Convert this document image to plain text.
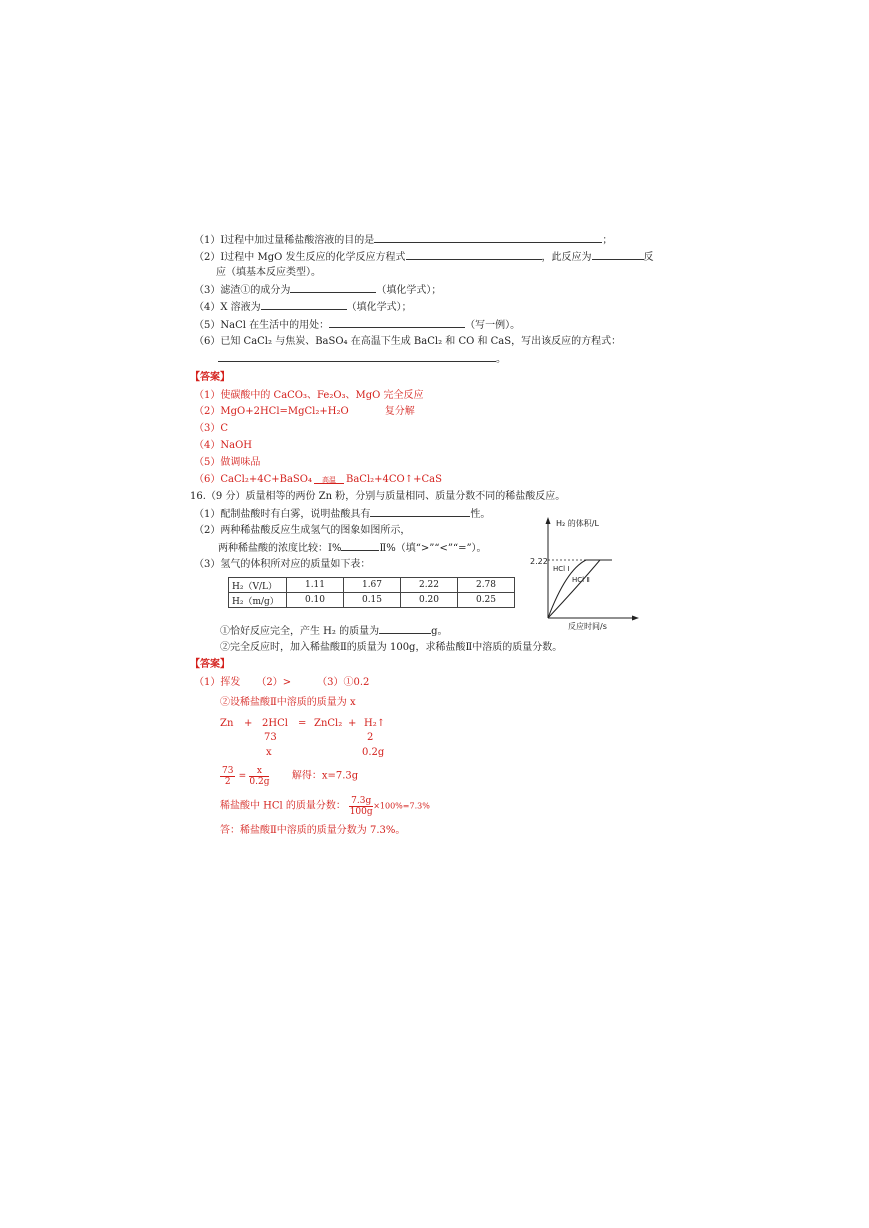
（1）Ⅰ过程中加过量稀盐酸溶液的目的是	；
（2）Ⅰ过程中 MgO 发生反应的化学反应方程式	，此反应为	反
应（填基本反应类型）。
（3）滤渣①的成分为	（填化学式）；
（4）X 溶液为	（填化学式）；
（5）NaCl 在生活中的用处：	（写一例）。
（6）已知 CaCl₂ 与焦炭、BaSO₄ 在高温下生成 BaCl₂ 和 CO 和 CaS，写出该反应的方程式：
。
【答案】
（1）使碳酸中的 CaCO₃、Fe₂O₃、MgO 完全反应
（2）MgO+2HCl=MgCl₂+H₂O	复分解
（3）C
（4）NaOH
（5）做调味品
（6）CaCl₂+4C+BaSO₄ 高温 BaCl₂+4CO↑+CaS
16.（9 分）质量相等的两份 Zn 粉，分别与质量相同、质量分数不同的稀盐酸反应。
（1）配制盐酸时有白雾，说明盐酸具有	性。
（2）两种稀盐酸反应生成氢气的图象如图所示，
两种稀盐酸的浓度比较：Ⅰ%	Ⅱ%（填“>”“<”“=”）。
（3）氢气的体积所对应的质量如下表：
H₂（V/L）	1.11	1.67	2.22	2.78
H₂（m/g）	0.10	0.15	0.20	0.25
①恰好反应完全，产生 H₂ 的质量为	g。
②完全反应时，加入稀盐酸Ⅱ的质量为 100g，求稀盐酸Ⅱ中溶质的质量分数。
H₂ 的体积/L
2.22
HCl Ⅰ
HCl Ⅱ
反应时间/s
【答案】
（1）挥发 （2）>	（3）①0.2
②设稀盐酸Ⅱ中溶质的质量为 x
Zn + 2HCl = ZnCl₂ + H₂↑
73	2
x	0.2g
$\frac{73}{2} = \frac{x}{0.2g}$ 解得：x=7.3g
稀盐酸中 HCl 的质量分数： $\frac{7.3g}{100g} \times 100\%=7.3\%$
答：稀盐酸Ⅱ中溶质的质量分数为 7.3%。
